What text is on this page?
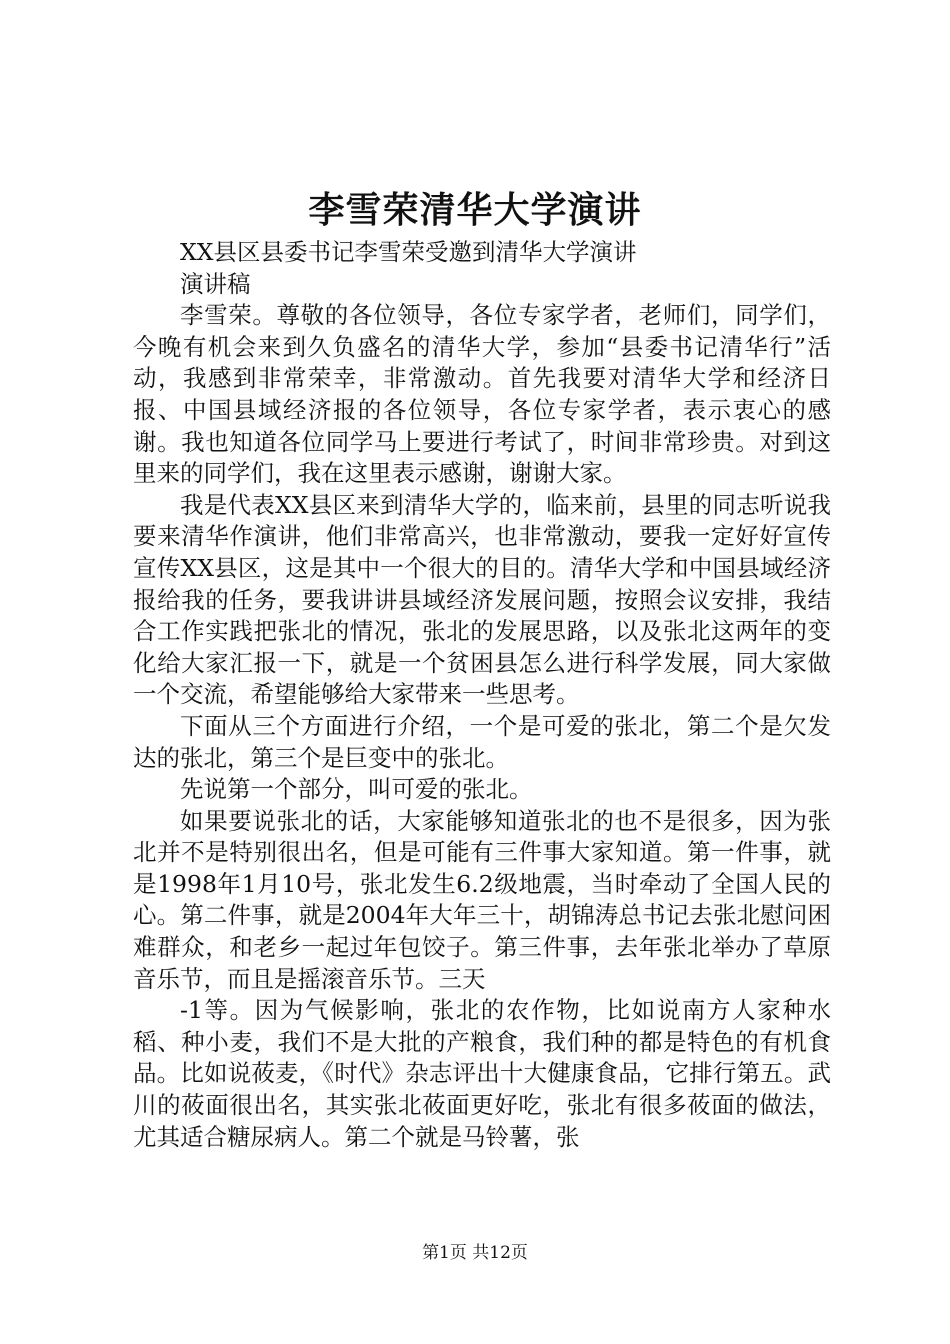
李雪荣清华大学演讲

XX县区县委书记李雪荣受邀到清华大学演讲

演讲稿

李雪荣。尊敬的各位领导，各位专家学者，老师们，同学们，今晚有机会来到久负盛名的清华大学，参加“县委书记清华行”活动，我感到非常荣幸，非常激动。首先我要对清华大学和经济日报、中国县域经济报的各位领导，各位专家学者，表示衷心的感谢。我也知道各位同学马上要进行考试了，时间非常珍贵。对到这里来的同学们，我在这里表示感谢，谢谢大家。

我是代表XX县区来到清华大学的，临来前，县里的同志听说我要来清华作演讲，他们非常高兴，也非常激动，要我一定好好宣传宣传XX县区，这是其中一个很大的目的。清华大学和中国县域经济报给我的任务，要我讲讲县域经济发展问题，按照会议安排，我结合工作实践把张北的情况，张北的发展思路，以及张北这两年的变化给大家汇报一下，就是一个贫困县怎么进行科学发展，同大家做一个交流，希望能够给大家带来一些思考。

下面从三个方面进行介绍，一个是可爱的张北，第二个是欠发达的张北，第三个是巨变中的张北。

先说第一个部分，叫可爱的张北。

如果要说张北的话，大家能够知道张北的也不是很多，因为张北并不是特别很出名，但是可能有三件事大家知道。第一件事，就是1998年1月10号，张北发生6.2级地震，当时牵动了全国人民的心。第二件事，就是2004年大年三十，胡锦涛总书记去张北慰问困难群众，和老乡一起过年包饺子。第三件事，去年张北举办了草原音乐节，而且是摇滚音乐节。三天

-1等。因为气候影响，张北的农作物，比如说南方人家种水稻、种小麦，我们不是大批的产粮食，我们种的都是特色的有机食品。比如说莜麦，《时代》杂志评出十大健康食品，它排行第五。武川的莜面很出名，其实张北莜面更好吃，张北有很多莜面的做法，尤其适合糖尿病人。第二个就是马铃薯，张

第1页 共12页
